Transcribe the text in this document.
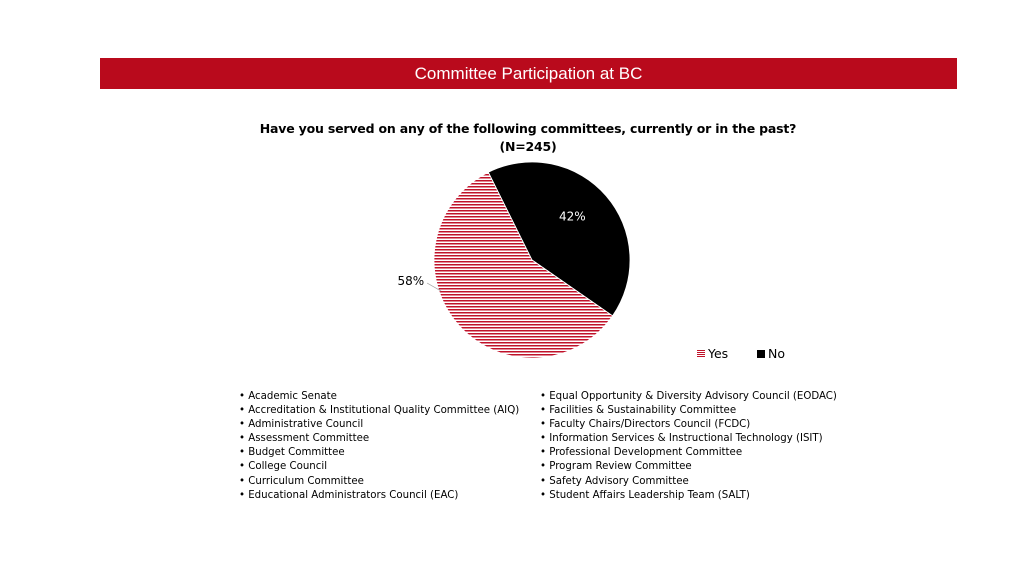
Committee Participation at BC
Have you served on any of the following committees, currently or in the past?
(N=245)
42%
58%
Yes	No
• Academic Senate
• Accreditation & Institutional Quality Committee (AIQ)
• Administrative Council
• Assessment Committee
• Budget Committee
• College Council
• Curriculum Committee
• Educational Administrators Council (EAC)
• Equal Opportunity & Diversity Advisory Council (EODAC)
• Facilities & Sustainability Committee
• Faculty Chairs/Directors Council (FCDC)
• Information Services & Instructional Technology (ISIT)
• Professional Development Committee
• Program Review Committee
• Safety Advisory Committee
• Student Affairs Leadership Team (SALT)
